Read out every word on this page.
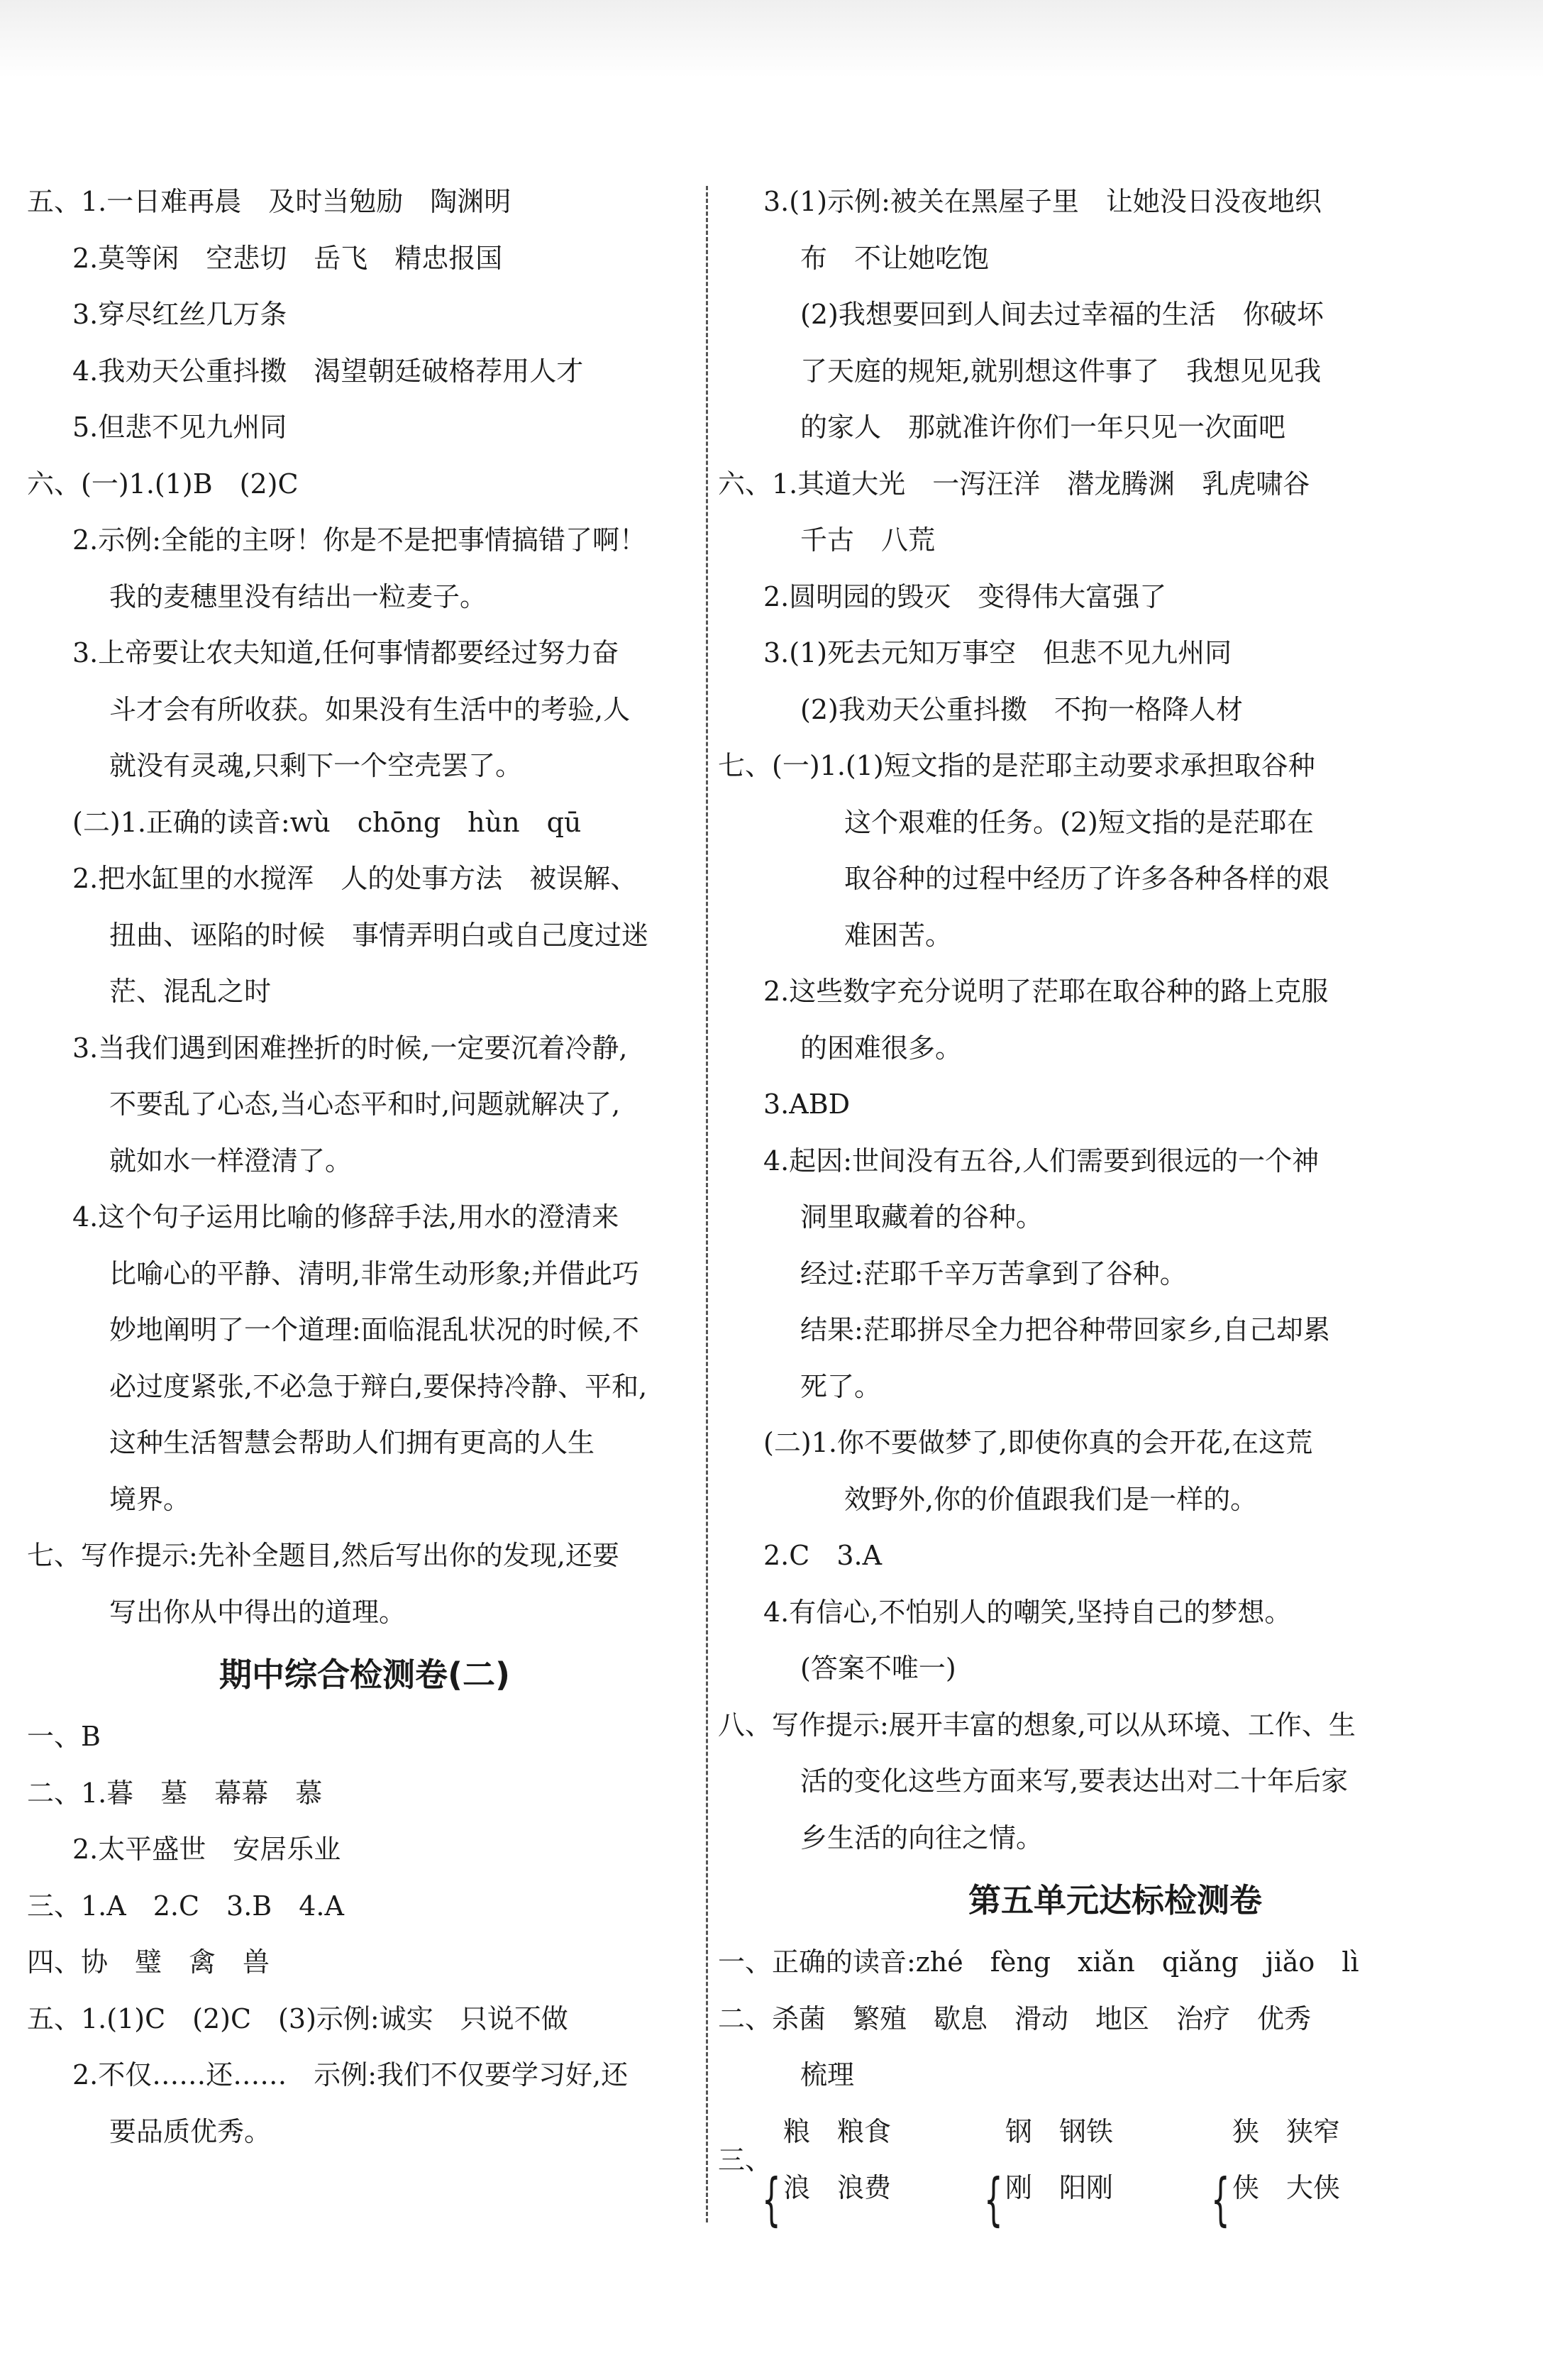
五、1.一日难再晨　及时当勉励　陶渊明
2.莫等闲　空悲切　岳飞　精忠报国
3.穿尽红丝几万条
4.我劝天公重抖擞　渴望朝廷破格荐用人才
5.但悲不见九州同
六、(一)1.(1)B　(2)C
2.示例:全能的主呀！你是不是把事情搞错了啊！
我的麦穗里没有结出一粒麦子。
3.上帝要让农夫知道,任何事情都要经过努力奋
斗才会有所收获。如果没有生活中的考验,人
就没有灵魂,只剩下一个空壳罢了。
(二)1.正确的读音:wù　chōng　hùn　qū
2.把水缸里的水搅浑　人的处事方法　被误解、
扭曲、诬陷的时候　事情弄明白或自己度过迷
茫、混乱之时
3.当我们遇到困难挫折的时候,一定要沉着冷静,
不要乱了心态,当心态平和时,问题就解决了,
就如水一样澄清了。
4.这个句子运用比喻的修辞手法,用水的澄清来
比喻心的平静、清明,非常生动形象;并借此巧
妙地阐明了一个道理:面临混乱状况的时候,不
必过度紧张,不必急于辩白,要保持冷静、平和,
这种生活智慧会帮助人们拥有更高的人生
境界。
七、写作提示:先补全题目,然后写出你的发现,还要
写出你从中得出的道理。
期中综合检测卷(二)
一、B
二、1.暮　墓　幕幕　慕
2.太平盛世　安居乐业
三、1.A　2.C　3.B　4.A
四、协　璧　禽　兽
五、1.(1)C　(2)C　(3)示例:诚实　只说不做
2.不仅……还……　示例:我们不仅要学习好,还
要品质优秀。
3.(1)示例:被关在黑屋子里　让她没日没夜地织
布　不让她吃饱
(2)我想要回到人间去过幸福的生活　你破坏
了天庭的规矩,就别想这件事了　我想见见我
的家人　那就准许你们一年只见一次面吧
六、1.其道大光　一泻汪洋　潜龙腾渊　乳虎啸谷
千古　八荒
2.圆明园的毁灭　变得伟大富强了
3.(1)死去元知万事空　但悲不见九州同
(2)我劝天公重抖擞　不拘一格降人材
七、(一)1.(1)短文指的是茫耶主动要求承担取谷种
这个艰难的任务。(2)短文指的是茫耶在
取谷种的过程中经历了许多各种各样的艰
难困苦。
2.这些数字充分说明了茫耶在取谷种的路上克服
的困难很多。
3.ABD
4.起因:世间没有五谷,人们需要到很远的一个神
洞里取藏着的谷种。
经过:茫耶千辛万苦拿到了谷种。
结果:茫耶拼尽全力把谷种带回家乡,自己却累
死了。
(二)1.你不要做梦了,即使你真的会开花,在这荒
效野外,你的价值跟我们是一样的。
2.C　3.A
4.有信心,不怕别人的嘲笑,坚持自己的梦想。
(答案不唯一)
八、写作提示:展开丰富的想象,可以从环境、工作、生
活的变化这些方面来写,要表达出对二十年后家
乡生活的向往之情。
第五单元达标检测卷
一、正确的读音:zhé　fèng　xiǎn　qiǎng　jiǎo　lì
二、杀菌　繁殖　歇息　滑动　地区　治疗　优秀
梳理
三、
{
粮　粮食
浪　浪费	{
钢　钢铁
刚　阳刚	{
狭　狭窄
侠　大侠
